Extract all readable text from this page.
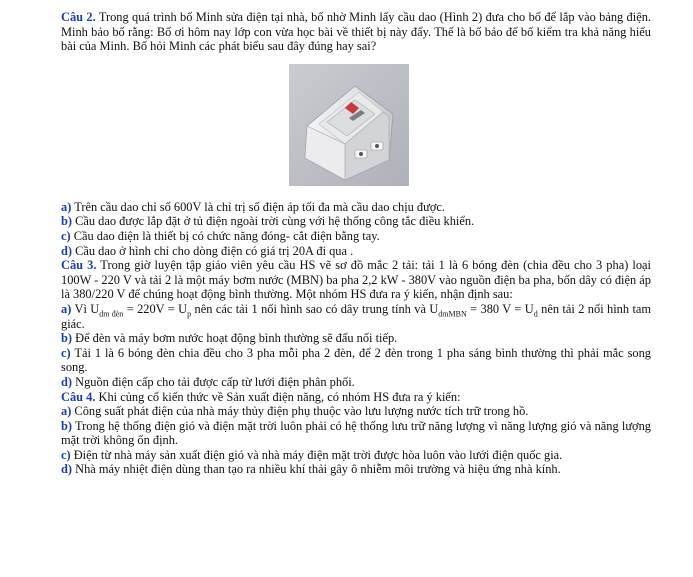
Câu 2. Trong quá trình bố Minh sửa điện tại nhà, bố nhờ Minh lấy cầu dao (Hình 2) đưa cho bố để lắp vào bảng điện. Minh bảo bố rằng: Bố ơi hôm nay lớp con vừa học bài về thiết bị này đấy. Thế là bố bảo để bố kiểm tra khả năng hiểu bài của Minh. Bố hỏi Minh các phát biểu sau đây đúng hay sai?

a) Trên cầu dao chỉ số 600V là chỉ trị số điện áp tối đa mà cầu dao chịu được.

b) Cầu dao được lắp đặt ở tủ điện ngoài trời cùng với hệ thống công tắc điều khiển.

c) Cầu dao điện là thiết bị có chức năng đóng- cắt điện bằng tay.

d) Cầu dao ở hình chỉ cho dòng điện có giá trị 20A đi qua .

Câu 3. Trong giờ luyện tập giáo viên yêu cầu HS vẽ sơ đồ mắc 2 tải: tải 1 là 6 bóng đèn (chia đều cho 3 pha) loại 100W - 220 V và tải 2 là một máy bơm nước (MBN) ba pha 2,2 kW - 380V vào nguồn điện ba pha, bốn dây có điện áp là 380/220 V để chúng hoạt động bình thường. Một nhóm HS đưa ra ý kiến, nhận định sau:

a) Vì $U_{dm đèn} = 220V = U_p$ nên các tải 1 nối hình sao có dây trung tính và $U_{dmMBN} = 380$ $V = U_d$ nên tải 2 nối hình tam giác.

b) Để đèn và máy bơm nước hoạt động bình thường sẽ đấu nối tiếp.

c) Tải 1 là 6 bóng đèn chia đều cho 3 pha mỗi pha 2 đèn, để 2 đèn trong 1 pha sáng bình thường thì phải mắc song song.

d) Nguồn điện cấp cho tải được cấp từ lưới điện phân phối.

Câu 4. Khi củng cố kiến thức về Sản xuất điện năng, có nhóm HS đưa ra ý kiến:

a) Công suất phát điện của nhà máy thủy điện phụ thuộc vào lưu lượng nước tích trữ trong hồ.

b) Trong hệ thống điện gió và điện mặt trời luôn phải có hệ thống lưu trữ năng lượng vì năng lượng gió và năng lượng mặt trời không ổn định.

c) Điện từ nhà máy sản xuất điện gió và nhà máy điện mặt trời được hòa luôn vào lưới điện quốc gia.

d) Nhà máy nhiệt điện dùng than tạo ra nhiều khí thải gây ô nhiễm môi trường và hiệu ứng nhà kính.
